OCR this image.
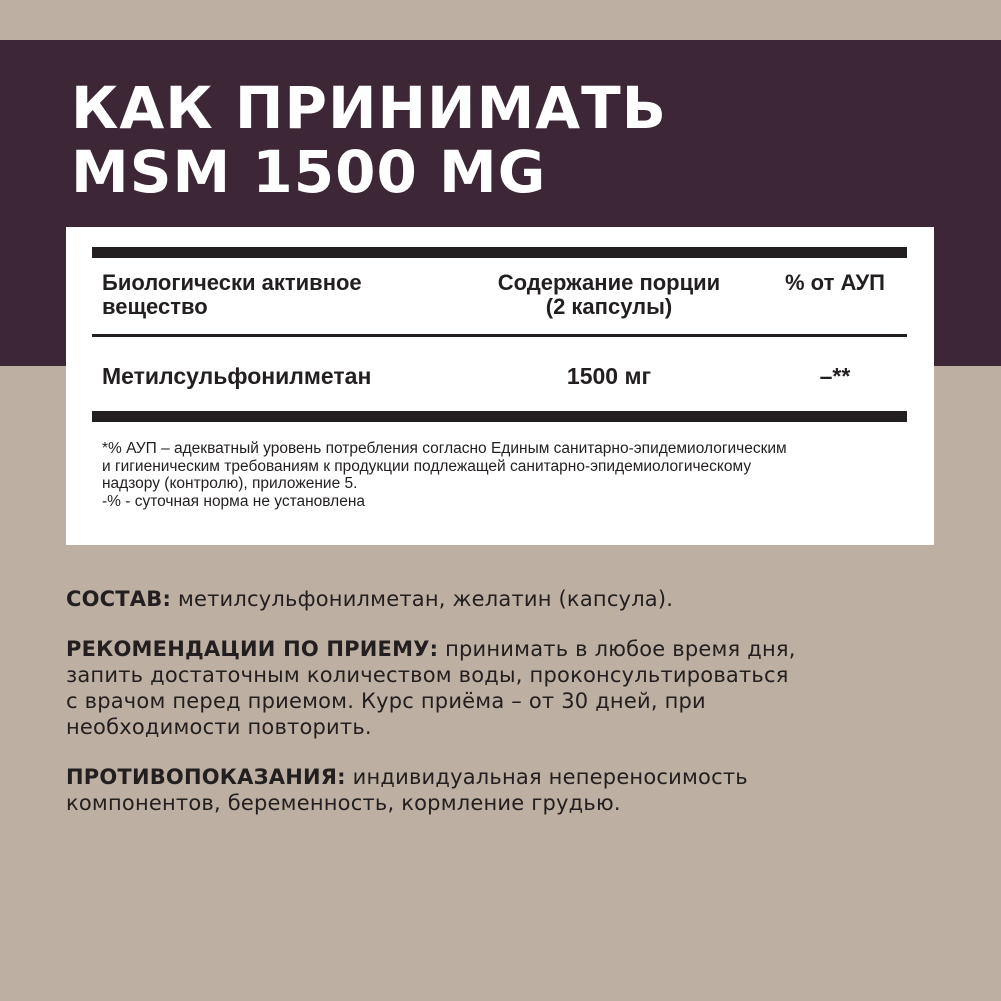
КАК ПРИНИМАТЬ
MSM 1500 MG
Биологически активное
вещество
Содержание порции
(2 капсулы)
% от АУП
Метилсульфонилметан	1500 мг	–**

*% АУП – адекватный уровень потребления согласно Единым санитарно-эпидемиологическим
и гигиеническим требованиям к продукции подлежащей санитарно-эпидемиологическому
надзору (контролю), приложение 5.
-% - суточная норма не установлена

СОСТАВ: метилсульфонилметан, желатин (капсула).

РЕКОМЕНДАЦИИ ПО ПРИЕМУ: принимать в любое время дня,
запить достаточным количеством воды, проконсультироваться
с врачом перед приемом. Курс приёма – от 30 дней, при
необходимости повторить.

ПРОТИВОПОКАЗАНИЯ: индивидуальная непереносимость
компонентов, беременность, кормление грудью.
